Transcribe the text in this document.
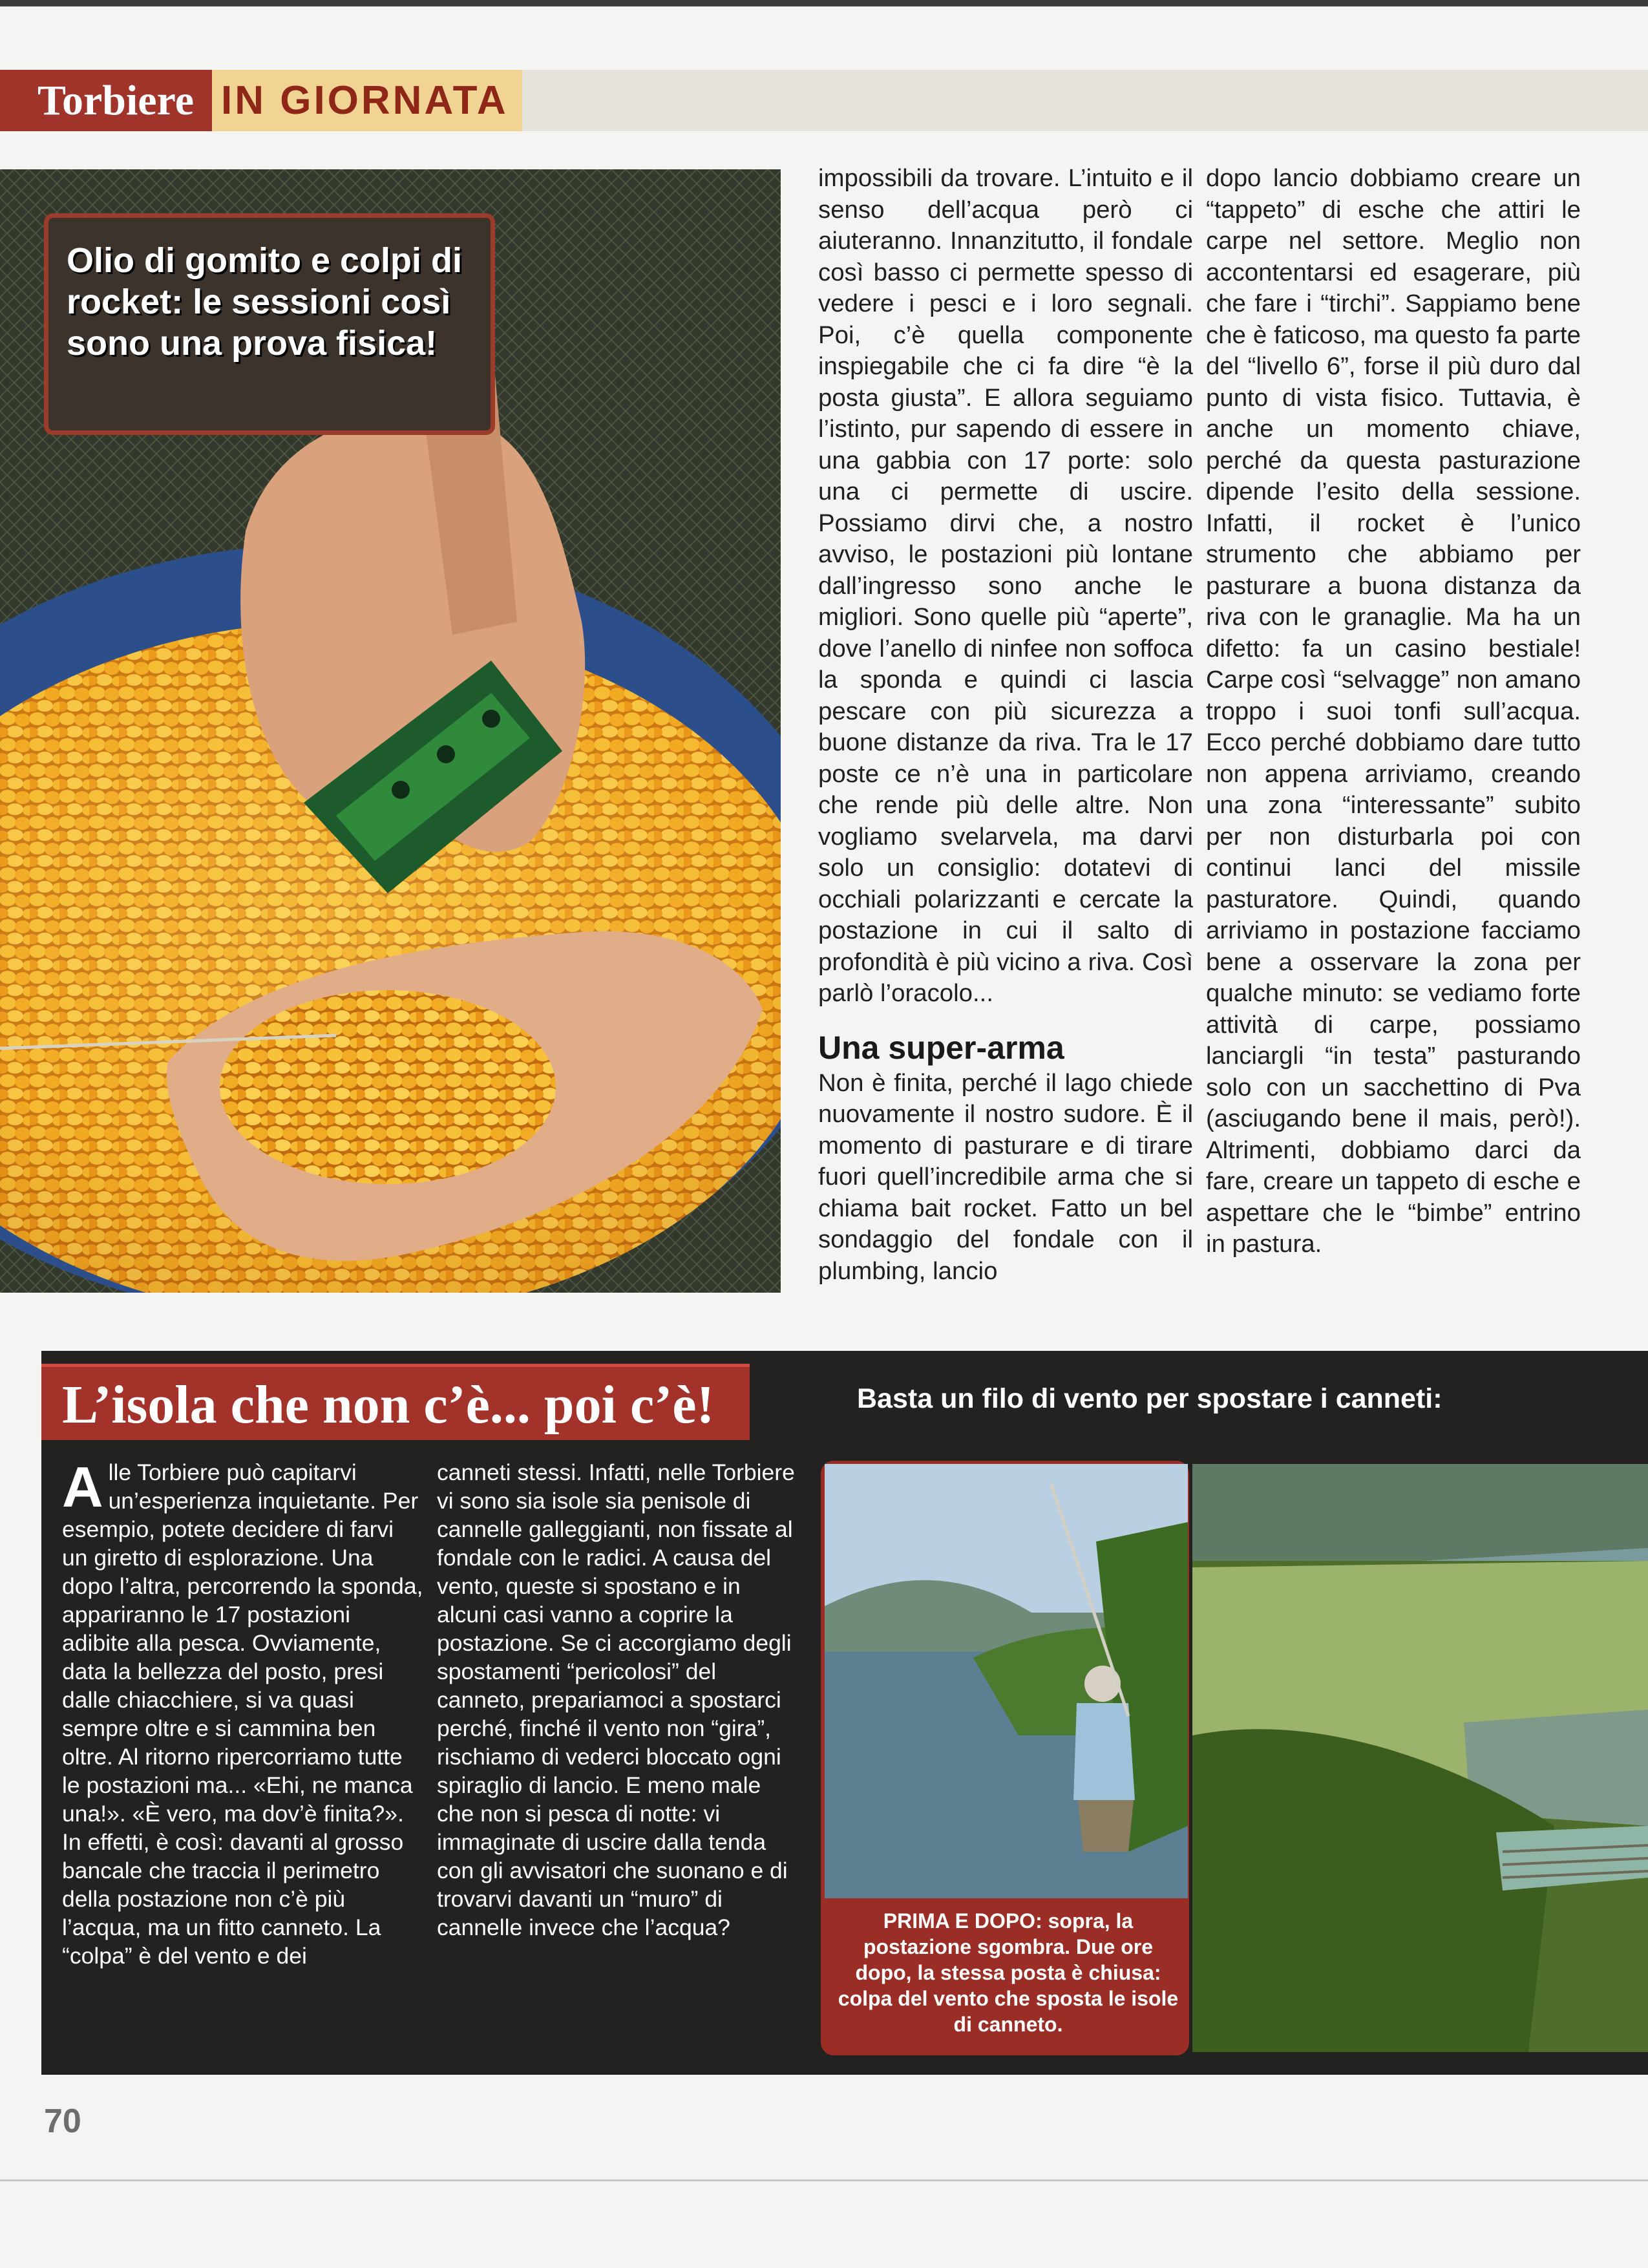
Torbiere IN GIORNATA
Olio di gomito e colpi di rocket: le sessioni così sono una prova fisica!

impossibili da trovare. L’intuito e il senso dell’acqua però ci aiuteranno. Innanzitutto, il fondale così basso ci permette spesso di vedere i pesci e i loro segnali. Poi, c’è quella componente inspiegabile che ci fa dire “è la posta giusta”. E allora seguiamo l’istinto, pur sapendo di essere in una gabbia con 17 porte: solo una ci permette di uscire. Possiamo dirvi che, a nostro avviso, le postazioni più lontane dall’ingresso sono anche le migliori. Sono quelle più “aperte”, dove l’anello di ninfee non soffoca la sponda e quindi ci lascia pescare con più sicurezza a buone distanze da riva. Tra le 17 poste ce n’è una in particolare che rende più delle altre. Non vogliamo svelarvela, ma darvi solo un consiglio: dotatevi di occhiali polarizzanti e cercate la postazione in cui il salto di profondità è più vicino a riva. Così parlò l’oracolo...

Una super-arma

Non è finita, perché il lago chiede nuovamente il nostro sudore. È il momento di pasturare e di tirare fuori quell’incredibile arma che si chiama bait rocket. Fatto un bel sondaggio del fondale con il plumbing, lancio

dopo lancio dobbiamo creare un “tappeto” di esche che attiri le carpe nel settore. Meglio non accontentarsi ed esagerare, più che fare i “tirchi”. Sappiamo bene che è faticoso, ma questo fa parte del “livello 6”, forse il più duro dal punto di vista fisico. Tuttavia, è anche un momento chiave, perché da questa pasturazione dipende l’esito della sessione. Infatti, il rocket è l’unico strumento che abbiamo per pasturare a buona distanza da riva con le granaglie. Ma ha un difetto: fa un casino bestiale! Carpe così “selvagge” non amano troppo i suoi tonfi sull’acqua. Ecco perché dobbiamo dare tutto non appena arriviamo, creando una zona “interessante” subito per non disturbarla poi con continui lanci del missile pasturatore. Quindi, quando arriviamo in postazione facciamo bene a osservare la zona per qualche minuto: se vediamo forte attività di carpe, possiamo lanciargli “in testa” pasturando solo con un sacchettino di Pva (asciugando bene il mais, però!). Altrimenti, dobbiamo darci da fare, creare un tappeto di esche e aspettare che le “bimbe” entrino in pastura.

L’isola che non c’è... poi c’è!	Basta un filo di vento per spostare i canneti:

Alle Torbiere può capitarvi un’esperienza inquietante. Per esempio, potete decidere di farvi un giretto di esplorazione. Una dopo l’altra, percorrendo la sponda, appariranno le 17 postazioni adibite alla pesca. Ovviamente, data la bellezza del posto, presi dalle chiacchiere, si va quasi sempre oltre e si cammina ben oltre. Al ritorno ripercorriamo tutte le postazioni ma... «Ehi, ne manca una!». «È vero, ma dov’è finita?». In effetti, è così: davanti al grosso bancale che traccia il perimetro della postazione non c’è più l’acqua, ma un fitto canneto. La “colpa” è del vento e dei

canneti stessi. Infatti, nelle Torbiere vi sono sia isole sia penisole di cannelle galleggianti, non fissate al fondale con le radici. A causa del vento, queste si spostano e in alcuni casi vanno a coprire la postazione. Se ci accorgiamo degli spostamenti “pericolosi” del canneto, prepariamoci a spostarci perché, finché il vento non “gira”, rischiamo di vederci bloccato ogni spiraglio di lancio. E meno male che non si pesca di notte: vi immaginate di uscire dalla tenda con gli avvisatori che suonano e di trovarvi davanti un “muro” di cannelle invece che l’acqua?	PRIMA E DOPO: sopra, la postazione sgombra. Due ore dopo, la stessa posta è chiusa: colpa del vento che sposta le isole di canneto.
70
